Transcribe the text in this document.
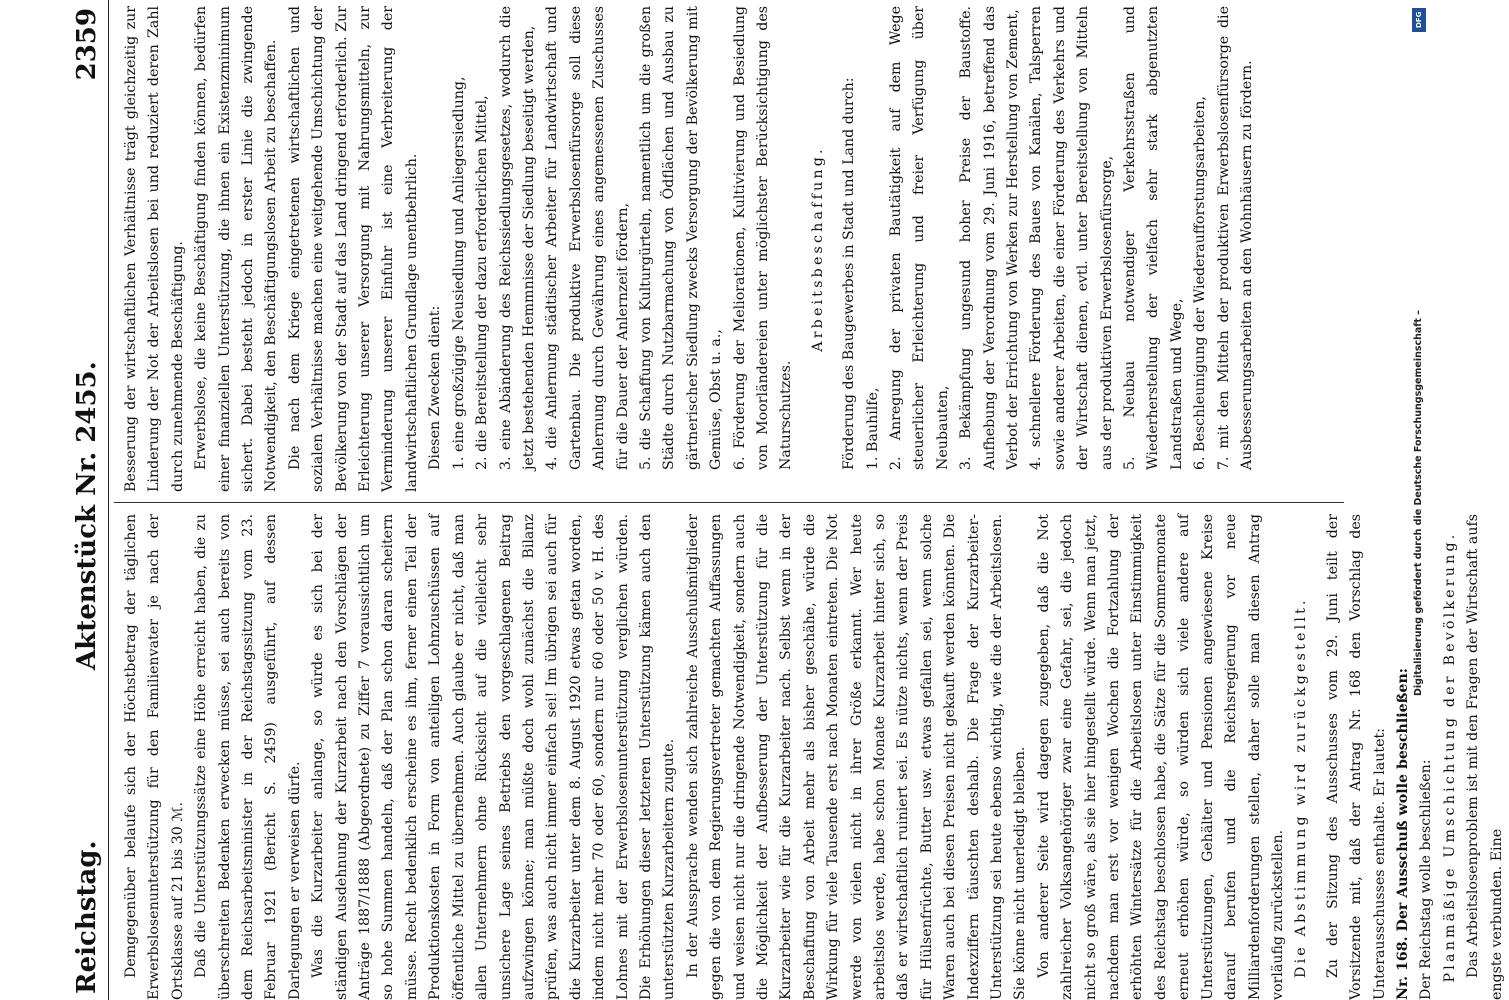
Reichstag.
Aktenstück Nr. 2455.
2359

Demgegenüber belaufe sich der Höchstbetrag der täglichen Erwerbslosenunterstützung für den Familienvater je nach der Ortsklasse auf 21 bis 30 ℳ. Daß die Unterstützungssätze eine Höhe erreicht haben, die zu überschreiten Bedenken erwecken müsse, sei auch bereits von dem Reichsarbeitsminister in der Reichstagssitzung vom 23. Februar 1921 (Bericht S. 2459) ausgeführt, auf dessen Darlegungen er verweisen dürfe. Was die Kurzarbeiter anlange, so würde es sich bei der ständigen Ausdehnung der Kurzarbeit nach den Vorschlägen der Anträge 1887/1888 (Abgeordnete) zu Ziffer 7 voraussichtlich um so hohe Summen handeln, daß der Plan schon daran scheitern müsse. Recht bedenklich erscheine es ihm, ferner einen Teil der Produktionskosten in Form von anteiligen Lohnzuschüssen auf öffentliche Mittel zu übernehmen. Auch glaube er nicht, daß man allen Unternehmern ohne Rücksicht auf die vielleicht sehr unsichere Lage seines Betriebs den vorgeschlagenen Beitrag aufzwingen könne; man müßte doch wohl zunächst die Bilanz prüfen, was auch nicht immer einfach sei! Im übrigen sei auch für die Kurzarbeiter unter dem 8. August 1920 etwas getan worden, indem nicht mehr 70 oder 60, sondern nur 60 oder 50 v. H. des Lohnes mit der Erwerbslosenunterstützung verglichen würden. Die Erhöhungen dieser letzteren Unterstützung kämen auch den unterstützten Kurzarbeitern zugute. In der Aussprache wenden sich zahlreiche Ausschußmitglieder gegen die von dem Regierungsvertreter gemachten Auffassungen und weisen nicht nur die dringende Notwendigkeit, sondern auch die Möglichkeit der Aufbesserung der Unterstützung für die Kurzarbeiter wie für die Kurzarbeiter nach. Selbst wenn in der Beschaffung von Arbeit mehr als bisher geschähe, würde die Wirkung für viele Tausende erst nach Monaten eintreten. Die Not werde von vielen nicht in ihrer Größe erkannt. Wer heute arbeitslos werde, habe schon Monate Kurzarbeit hinter sich, so daß er wirtschaftlich ruiniert sei. Es nütze nichts, wenn der Preis für Hülsenfrüchte, Butter usw. etwas gefallen sei, wenn solche Waren auch bei diesen Preisen nicht gekauft werden könnten. Die Indexziffern täuschten deshalb. Die Frage der Kurzarbeiter-Unterstützung sei heute ebenso wichtig, wie die der Arbeitslosen. Sie könne nicht unerledigt bleiben. Von anderer Seite wird dagegen zugegeben, daß die Not zahlreicher Volksangehöriger zwar eine Gefahr, sei, die jedoch nicht so groß wäre, als sie hier hingestellt würde. Wenn man jetzt, nachdem man erst vor wenigen Wochen die Fortzahlung der erhöhten Wintersätze für die Arbeitslosen unter Einstimmigkeit des Reichstag beschlossen habe, die Sätze für die Sommermonate erneut erhöhen würde, so würden sich viele andere auf Unterstützungen, Gehälter und Pensionen angewiesene Kreise darauf berufen und die Reichsregierung vor neue Milliardenforderungen stellen, daher solle man diesen Antrag vorläufig zurückstellen. Die Abstimmung wird zurückgestellt.	Zu der Sitzung des Ausschusses vom 29. Juni teilt der Vorsitzende mit, daß der Antrag Nr. 168 den Vorschlag des Unterausschusses enthalte. Er lautet: Nr. 168. Der Ausschuß wolle beschließen: Der Reichstag wolle beschließen: Planmäßige Umschichtung der Bevölkerung. Das Arbeitslosenproblem ist mit den Fragen der Wirtschaft aufs engste verbunden. Eine

Besserung der wirtschaftlichen Verhältnisse trägt gleichzeitig zur Linderung der Not der Arbeitslosen bei und reduziert deren Zahl durch zunehmende Beschäftigung. Erwerbslose, die keine Beschäftigung finden können, bedürfen einer finanziellen Unterstützung, die ihnen ein Existenzminimum sichert. Dabei besteht jedoch in erster Linie die zwingende Notwendigkeit, den Beschäftigungslosen Arbeit zu beschaffen. Die nach dem Kriege eingetretenen wirtschaftlichen und sozialen Verhältnisse machen eine weitgehende Umschichtung der Bevölkerung von der Stadt auf das Land dringend erforderlich. Zur Erleichterung unserer Versorgung mit Nahrungsmitteln, zur Verminderung unserer Einfuhr ist eine Verbreiterung der landwirtschaftlichen Grundlage unentbehrlich. Diesen Zwecken dient: 1. eine großzügige Neusiedlung und Anliegersiedlung, 2. die Bereitstellung der dazu erforderlichen Mittel, 3. eine Abänderung des Reichssiedlungsgesetzes, wodurch die jetzt bestehenden Hemmnisse der Siedlung beseitigt werden, 4. die Anlernung städtischer Arbeiter für Landwirtschaft und Gartenbau. Die produktive Erwerbslosenfürsorge soll diese Anlernung durch Gewährung eines angemessenen Zuschusses für die Dauer der Anlernzeit fördern, 5. die Schaffung von Kulturgürteln, namentlich um die großen Städte durch Nutzbarmachung von Ödflächen und Ausbau zu gärtnerischer Siedlung zwecks Versorgung der Bevölkerung mit Gemüse, Obst u. a., 6. Förderung der Meliorationen, Kultivierung und Besiedlung von Moorländereien unter möglichster Berücksichtigung des Naturschutzes.

Arbeitsbeschaffung.	Förderung des Baugewerbes in Stadt und Land durch: 1. Bauhilfe, 2. Anregung der privaten Bautätigkeit auf dem Wege steuerlicher Erleichterung und freier Verfügung über Neubauten, 3. Bekämpfung ungesund hoher Preise der Baustoffe. Aufhebung der Verordnung vom 29. Juni 1916, betreffend das Verbot der Errichtung von Werken zur Herstellung von Zement, 4. schnellere Förderung des Baues von Kanälen, Talsperren sowie anderer Arbeiten, die einer Förderung des Verkehrs und der Wirtschaft dienen, evtl. unter Bereitstellung von Mitteln aus der produktiven Erwerbslosenfürsorge, 5. Neubau notwendiger Verkehrsstraßen und Wiederherstellung der vielfach sehr stark abgenutzten Landstraßen und Wege, 6. Beschleunigung der Wiederaufforstungsarbeiten, 7. mit den Mitteln der produktiven Erwerbslosenfürsorge die Ausbesserungsarbeiten an den Wohnhäusern zu fördern.

DFG
Digitalisierung gefördert durch die Deutsche Forschungsgemeinschaft –
